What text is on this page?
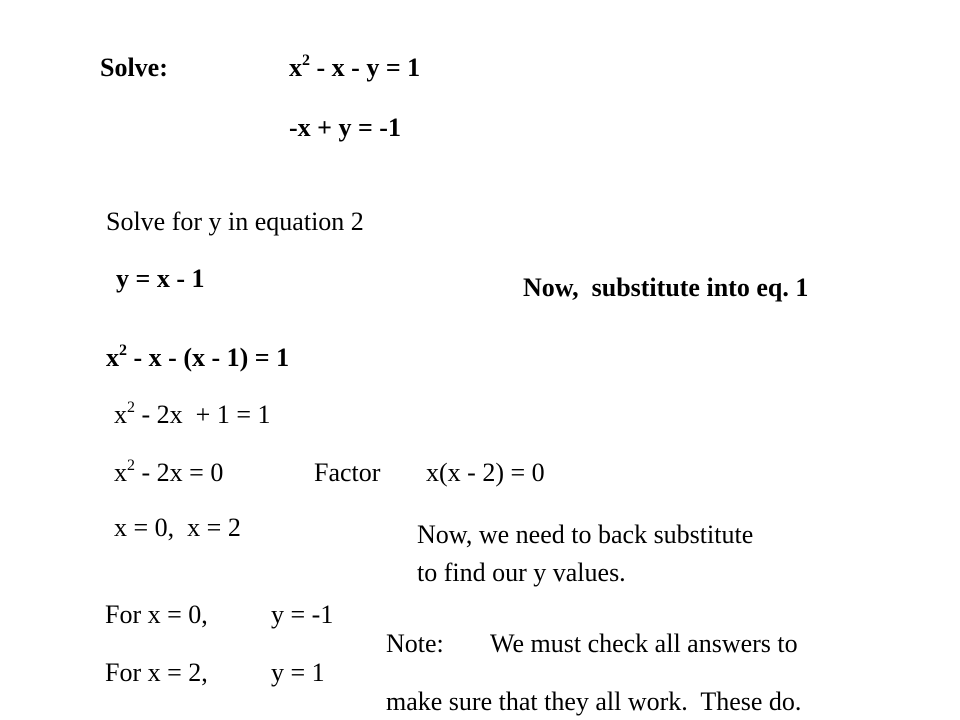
Solve:	$x^2 - x - y = 1$
-x + y = -1
Solve for y in equation 2
y = x - 1	Now,  substitute into eq. 1
$x^2 - x - (x - 1) = 1$
$x^2 - 2x + 1 = 1$
$x^2 - 2x = 0$	Factor x(x - 2) = 0
x = 0,  x = 2	Now, we need to back substitute
to find our y values.
For x = 0, y = -1
For x = 2, y = 1
Note: We must check all answers to
make sure that they all work.  These do.
